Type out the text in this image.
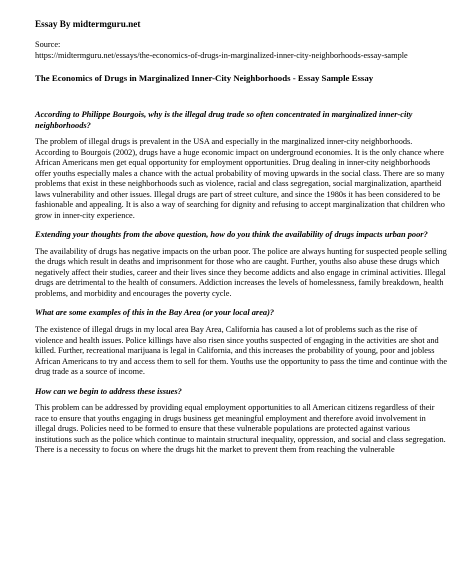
Essay By midtermguru.net

Source:

https://midtermguru.net/essays/the-economics-of-drugs-in-marginalized-inner-city-neighborhoods-essay-sample

The Economics of Drugs in Marginalized Inner-City Neighborhoods - Essay Sample Essay

According to Philippe Bourgois, why is the illegal drug trade so often concentrated in marginalized inner-city neighborhoods?

The problem of illegal drugs is prevalent in the USA and especially in the marginalized inner-city neighborhoods. According to Bourgois (2002), drugs have a huge economic impact on underground economies. It is the only chance where African Americans men get equal opportunity for employment opportunities. Drug dealing in inner-city neighborhoods offer youths especially males a chance with the actual probability of moving upwards in the social class. There are so many problems that exist in these neighborhoods such as violence, racial and class segregation, social marginalization, apartheid laws vulnerability and other issues. Illegal drugs are part of street culture, and since the 1980s it has been considered to be fashionable and appealing. It is also a way of searching for dignity and refusing to accept marginalization that children who grow in inner-city experience.

Extending your thoughts from the above question, how do you think the availability of drugs impacts urban poor?

The availability of drugs has negative impacts on the urban poor. The police are always hunting for suspected people selling the drugs which result in deaths and imprisonment for those who are caught. Further, youths also abuse these drugs which negatively affect their studies, career and their lives since they become addicts and also engage in criminal activities. Illegal drugs are detrimental to the health of consumers. Addiction increases the levels of homelessness, family breakdown, health problems, and morbidity and encourages the poverty cycle.

What are some examples of this in the Bay Area (or your local area)?

The existence of illegal drugs in my local area Bay Area, California has caused a lot of problems such as the rise of violence and health issues. Police killings have also risen since youths suspected of engaging in the activities are shot and killed. Further, recreational marijuana is legal in California, and this increases the probability of young, poor and jobless African Americans to try and access them to sell for them. Youths use the opportunity to pass the time and continue with the drug trade as a source of income.

How can we begin to address these issues?

This problem can be addressed by providing equal employment opportunities to all American citizens regardless of their race to ensure that youths engaging in drugs business get meaningful employment and therefore avoid involvement in illegal drugs. Policies need to be formed to ensure that these vulnerable populations are protected against various institutions such as the police which continue to maintain structural inequality, oppression, and social and class segregation. There is a necessity to focus on where the drugs hit the market to prevent them from reaching the vulnerable
